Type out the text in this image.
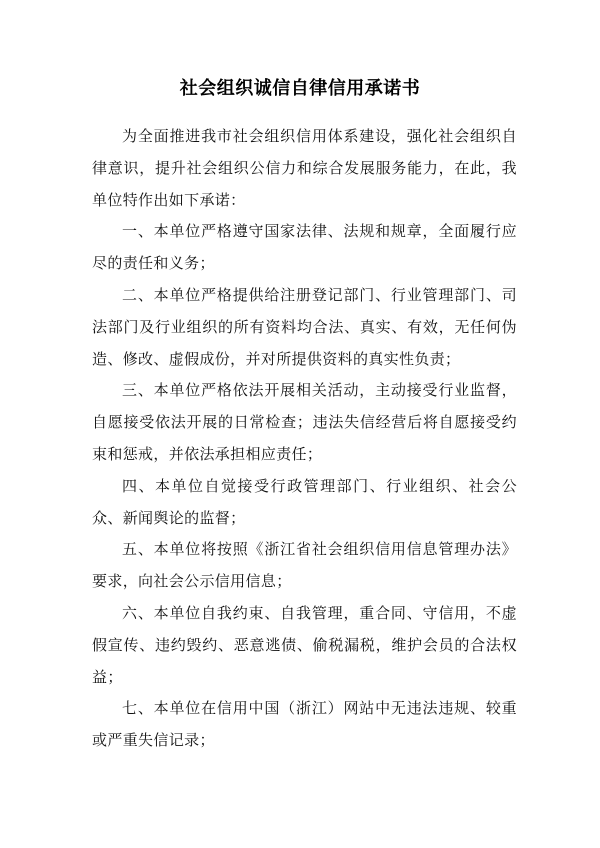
社会组织诚信自律信用承诺书

为全面推进我市社会组织信用体系建设，强化社会组织自律意识，提升社会组织公信力和综合发展服务能力，在此，我单位特作出如下承诺：

一、本单位严格遵守国家法律、法规和规章，全面履行应尽的责任和义务；

二、本单位严格提供给注册登记部门、行业管理部门、司法部门及行业组织的所有资料均合法、真实、有效，无任何伪造、修改、虚假成份，并对所提供资料的真实性负责；

三、本单位严格依法开展相关活动，主动接受行业监督，自愿接受依法开展的日常检查；违法失信经营后将自愿接受约束和惩戒，并依法承担相应责任；

四、本单位自觉接受行政管理部门、行业组织、社会公众、新闻舆论的监督；

五、本单位将按照《浙江省社会组织信用信息管理办法》要求，向社会公示信用信息；

六、本单位自我约束、自我管理，重合同、守信用，不虚假宣传、违约毁约、恶意逃债、偷税漏税，维护会员的合法权益；

七、本单位在信用中国（浙江）网站中无违法违规、较重或严重失信记录；
